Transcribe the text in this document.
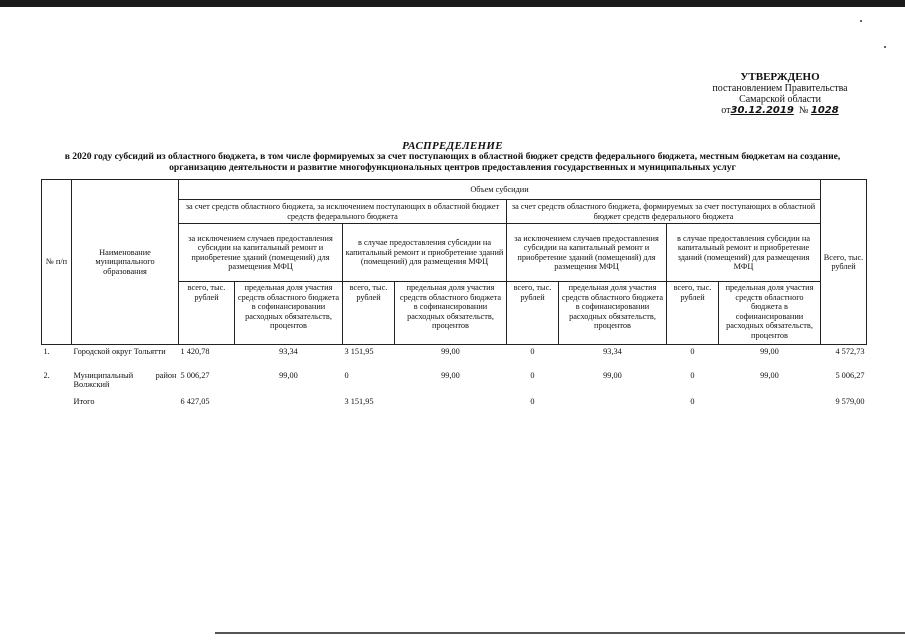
УТВЕРЖДЕНО
постановлением Правительства
Самарской области
от30.12.2019 № 1028
РАСПРЕДЕЛЕНИЕ
в 2020 году субсидий из областного бюджета, в том числе формируемых за счет поступающих в областной бюджет средств федерального бюджета, местным бюджетам на создание, организацию деятельности и развитие многофункциональных центров предоставления государственных и муниципальных услуг
№ п/п	Наименование муниципального образования	Объем субсидии								Всего, тыс. рублей
		за счет средств областного бюджета, за исключением поступающих в областной бюджет средств федерального бюджета				за счет средств областного бюджета, формируемых за счет поступающих в областной бюджет средств федерального бюджета				
		за исключением случаев предоставления субсидии на капитальный ремонт и приобретение зданий (помещений) для размещения МФЦ		в случае предоставления субсидии на капитальный ремонт и приобретение зданий (помещений) для размещения МФЦ		за исключением случаев предоставления субсидии на капитальный ремонт и приобретение зданий (помещений) для размещения МФЦ		в случае предоставления субсидии на капитальный ремонт и приобретение зданий (помещений) для размещения МФЦ		
		всего, тыс. рублей	предельная доля участия средств областного бюджета в софинансировании расходных обязательств, процентов	всего, тыс. рублей	предельная доля участия средств областного бюджета в софинансировании расходных обязательств, процентов	всего, тыс. рублей	предельная доля участия средств областного бюджета в софинансировании расходных обязательств, процентов	всего, тыс. рублей	предельная доля участия средств областного бюджета в софинансировании расходных обязательств, процентов	
1.	Городской округ Тольятти	1 420,78	93,34	3 151,95	99,00	0	93,34	0	99,00	4 572,73
2.	Муниципальный район Волжский	5 006,27	99,00	0	99,00	0	99,00	0	99,00	5 006,27
	Итого	6 427,05		3 151,95		0		0		9 579,00
